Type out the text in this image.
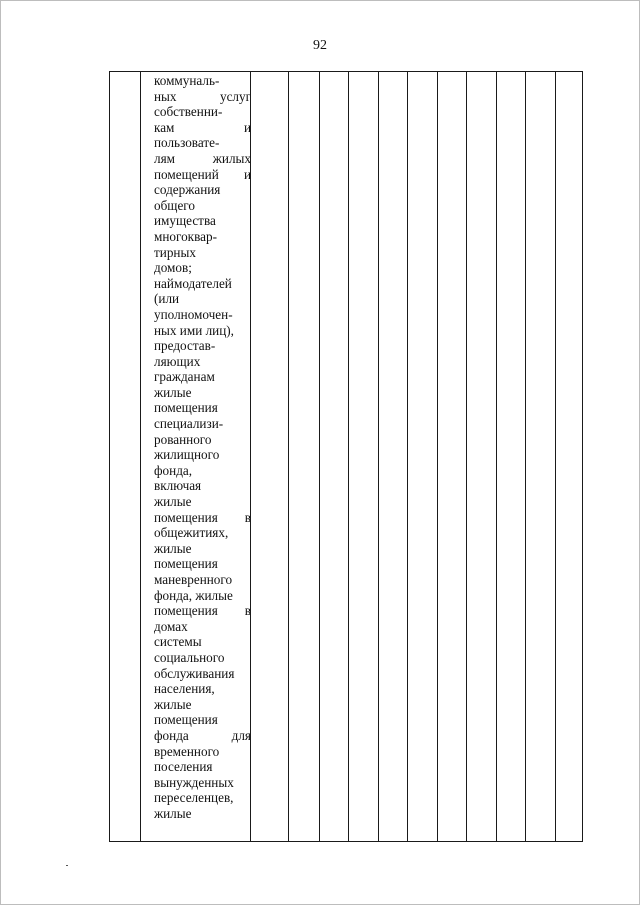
92
коммуналь-
ных	услуг
собственни-
кам	и
пользовате-
лям	жилых
помещений и
содержания
общего
имущества
многоквар-
тирных
домов;
наймодателей
(или
уполномочен-
ных ими лиц),
предостав-
ляющих
гражданам
жилые
помещения
специализи-
рованного
жилищного
фонда,
включая
жилые
помещения в
общежитиях,
жилые
помещения
маневренного
фонда, жилые
помещения в
домах
системы
социального
обслуживания
населения,
жилые
помещения
фонда	для
временного
поселения
вынужденных
переселенцев,
жилые
